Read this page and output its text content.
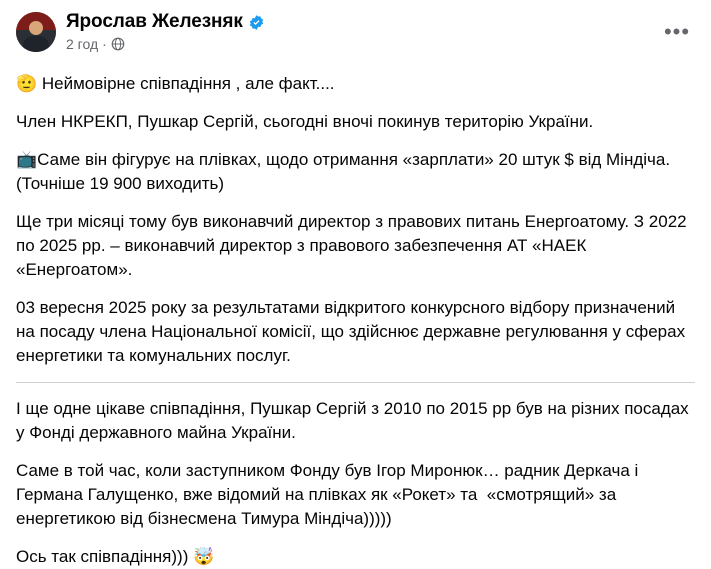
Ярослав Железняк
2 год ·	•••

🫡 Неймовірне співпадіння , але факт....

Член НКРЕКП, Пушкар Сергій, сьогодні вночі покинув територію України.

📺Саме він фігурує на плівках, щодо отримання «зарплати» 20 штук $ від Міндіча. (Точніше 19 900 виходить)

Ще три місяці тому був виконавчий директор з правових питань Енергоатому. З 2022 по 2025 рр. – виконавчий директор з правового забезпечення АТ «НАЕК «Енергоатом».

03 вересня 2025 року за результатами відкритого конкурсного відбору призначений на посаду члена Національної комісії, що здійснює державне регулювання у сферах енергетики та комунальних послуг.

І ще одне цікаве співпадіння, Пушкар Сергій з 2010 по 2015 рр був на різних посадах у Фонді державного майна України.

Саме в той час, коли заступником Фонду був Ігор Миронюк… радник Деркача і Германа Галущенко, вже відомий на плівках як «Рокет» та  «смотрящий» за енергетикою від бізнесмена Тимура Міндіча)))))

Ось так співпадіння))) 🤯
